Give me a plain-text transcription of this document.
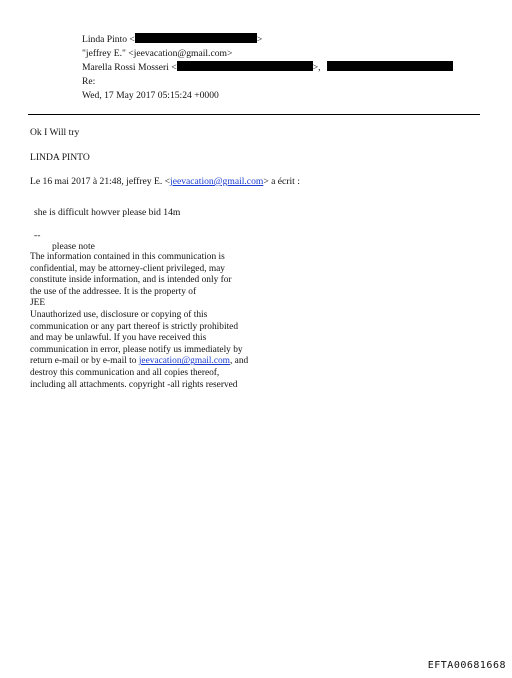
Linda Pinto <	>
"jeffrey E." <jeevacation@gmail.com>
Marella Rossi Mosseri <	>,
Re:
Wed, 17 May 2017 05:15:24 +0000
Ok I Will try
LINDA PINTO
Le 16 mai 2017 à 21:48, jeffrey E. <jeevacation@gmail.com> a écrit :
she is difficult howver please bid 14m
--
please note
The information contained in this communication is
confidential, may be attorney-client privileged, may
constitute inside information, and is intended only for
the use of the addressee. It is the property of
JEE
Unauthorized use, disclosure or copying of this
communication or any part thereof is strictly prohibited
and may be unlawful. If you have received this
communication in error, please notify us immediately by
return e-mail or by e-mail to jeevacation@gmail.com, and
destroy this communication and all copies thereof,
including all attachments. copyright -all rights reserved
EFTA00681668
